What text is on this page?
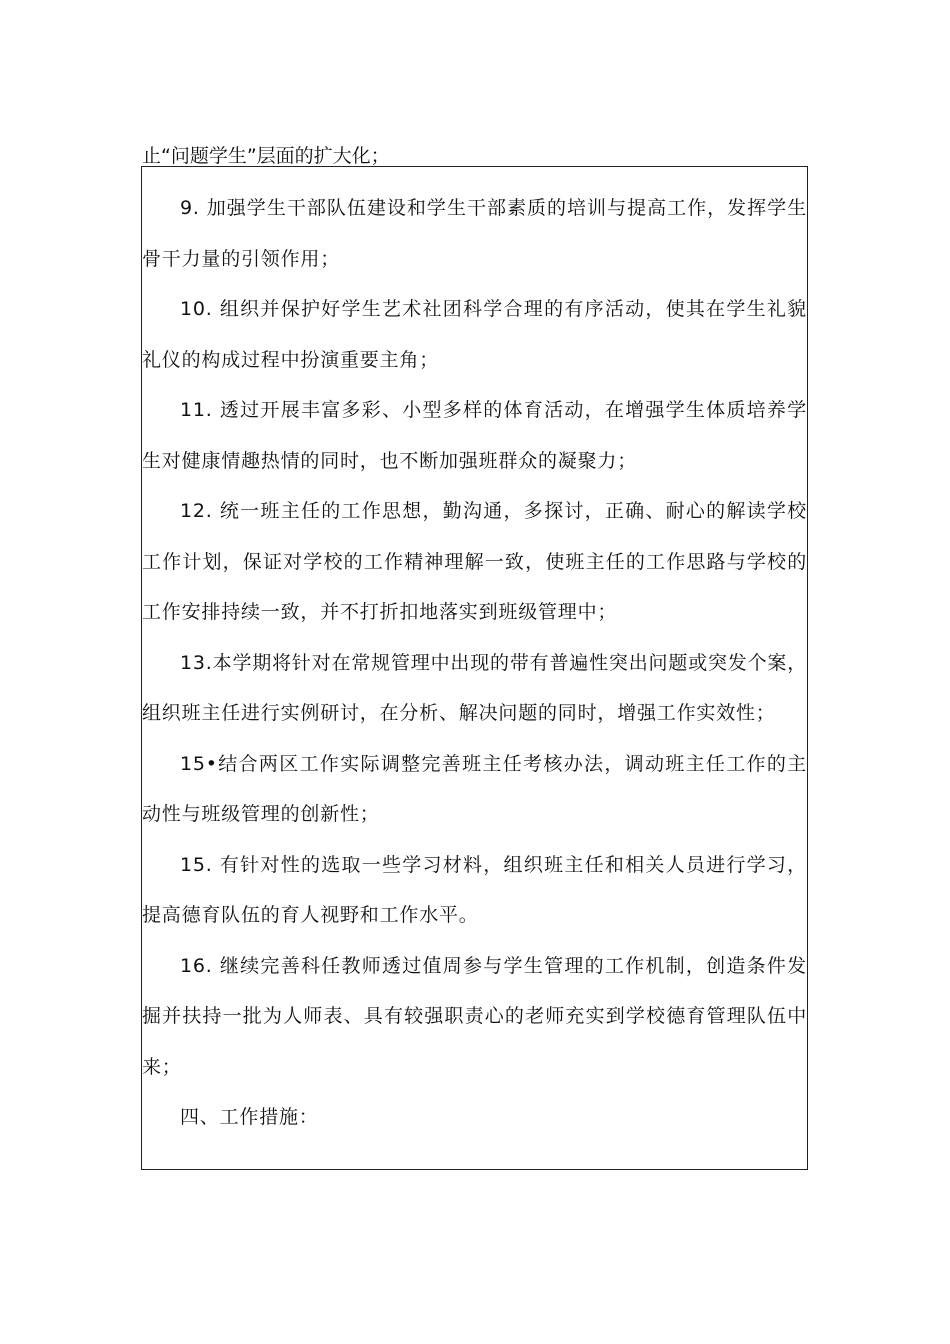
止“问题学生”层面的扩大化；

9. 加强学生干部队伍建设和学生干部素质的培训与提高工作，发挥学生骨干力量的引领作用；

10. 组织并保护好学生艺术社团科学合理的有序活动，使其在学生礼貌礼仪的构成过程中扮演重要主角；

11. 透过开展丰富多彩、小型多样的体育活动，在增强学生体质培养学生对健康情趣热情的同时，也不断加强班群众的凝聚力；

12. 统一班主任的工作思想，勤沟通，多探讨，正确、耐心的解读学校工作计划，保证对学校的工作精神理解一致，使班主任的工作思路与学校的工作安排持续一致，并不打折扣地落实到班级管理中；

13.本学期将针对在常规管理中出现的带有普遍性突出问题或突发个案，组织班主任进行实例研讨，在分析、解决问题的同时，增强工作实效性；

15•结合两区工作实际调整完善班主任考核办法，调动班主任工作的主动性与班级管理的创新性；

15. 有针对性的选取一些学习材料，组织班主任和相关人员进行学习，提高德育队伍的育人视野和工作水平。

16. 继续完善科任教师透过值周参与学生管理的工作机制，创造条件发掘并扶持一批为人师表、具有较强职责心的老师充实到学校德育管理队伍中来；

四、工作措施：
